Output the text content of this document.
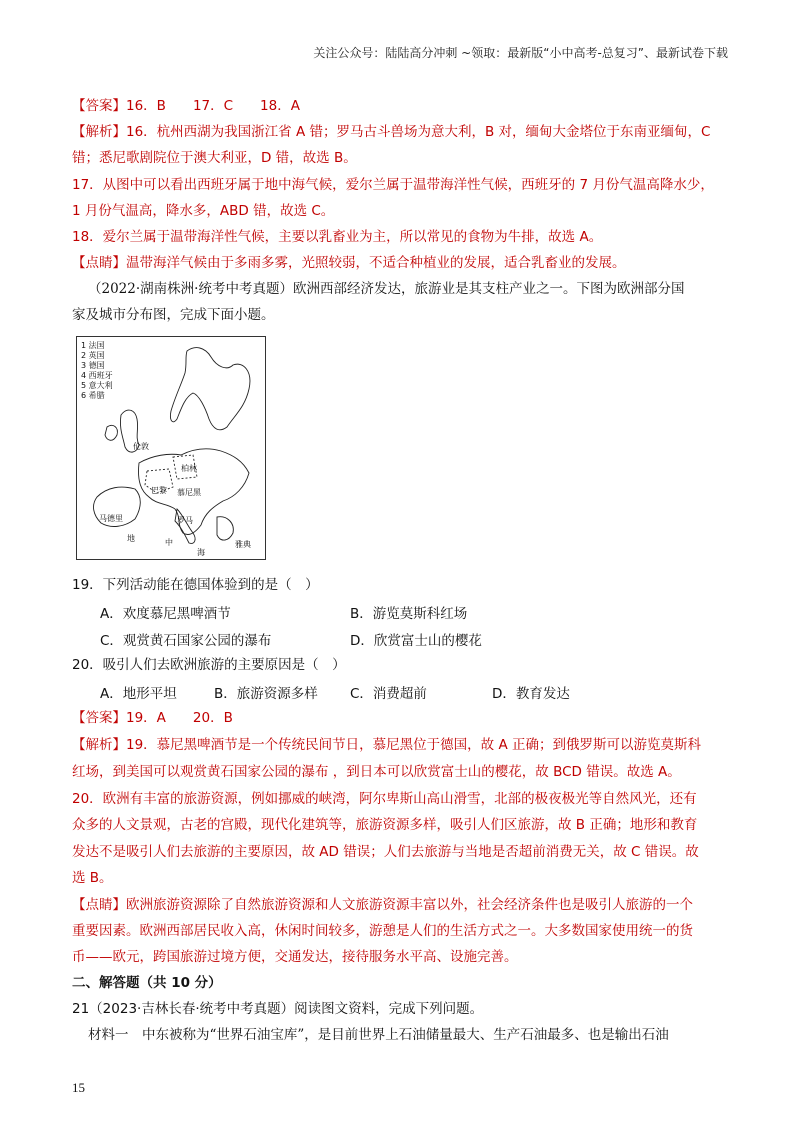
关注公众号：陆陆高分冲刺 ~领取：最新版“小中高考-总复习”、最新试卷下载
【答案】16．B　　17．C　　18．A
【解析】16．杭州西湖为我国浙江省 A 错；罗马古斗兽场为意大利，B 对，缅甸大金塔位于东南亚缅甸，C
错；悉尼歌剧院位于澳大利亚，D 错，故选 B。
17．从图中可以看出西班牙属于地中海气候，爱尔兰属于温带海洋性气候，西班牙的 7 月份气温高降水少，
1 月份气温高，降水多，ABD 错，故选 C。
18．爱尔兰属于温带海洋性气候，主要以乳畜业为主，所以常见的食物为牛排，故选 A。
【点睛】温带海洋气候由于多雨多雾，光照较弱，不适合种植业的发展，适合乳畜业的发展。
（2022·湖南株洲·统考中考真题）欧洲西部经济发达，旅游业是其支柱产业之一。下图为欧洲部分国
家及城市分布图，完成下面小题。
1 法国
2 英国
3 德国
4 西班牙
5 意大利
6 希腊
伦敦
柏林
慕尼黑
巴黎
马德里	罗马
雅典
地	中
海
19．下列活动能在德国体验到的是（　）
A．欢度慕尼黑啤酒节	B．游览莫斯科红场
C．观赏黄石国家公园的瀑布	D．欣赏富士山的樱花
20．吸引人们去欧洲旅游的主要原因是（　）
A．地形平坦	B．旅游资源多样 C．消费超前	D．教育发达
【答案】19．A　　20．B
【解析】19．慕尼黑啤酒节是一个传统民间节日，慕尼黑位于德国，故 A 正确；到俄罗斯可以游览莫斯科
红场，到美国可以观赏黄石国家公园的瀑布 ，到日本可以欣赏富士山的樱花，故 BCD 错误。故选 A。
20．欧洲有丰富的旅游资源，例如挪威的峡湾，阿尔卑斯山高山滑雪，北部的极夜极光等自然风光，还有
众多的人文景观，古老的宫殿，现代化建筑等，旅游资源多样，吸引人们区旅游，故 B 正确；地形和教育
发达不是吸引人们去旅游的主要原因，故 AD 错误；人们去旅游与当地是否超前消费无关，故 C 错误。故
选 B。
【点睛】欧洲旅游资源除了自然旅游资源和人文旅游资源丰富以外，社会经济条件也是吸引人旅游的一个
重要因素。欧洲西部居民收入高，休闲时间较多，游憩是人们的生活方式之一。大多数国家使用统一的货
币——欧元，跨国旅游过境方便，交通发达，接待服务水平高、设施完善。
二、解答题（共 10 分）
21（2023·吉林长春·统考中考真题）阅读图文资料，完成下列问题。
材料一　中东被称为“世界石油宝库”，是目前世界上石油储量最大、生产石油最多、也是输出石油
15
